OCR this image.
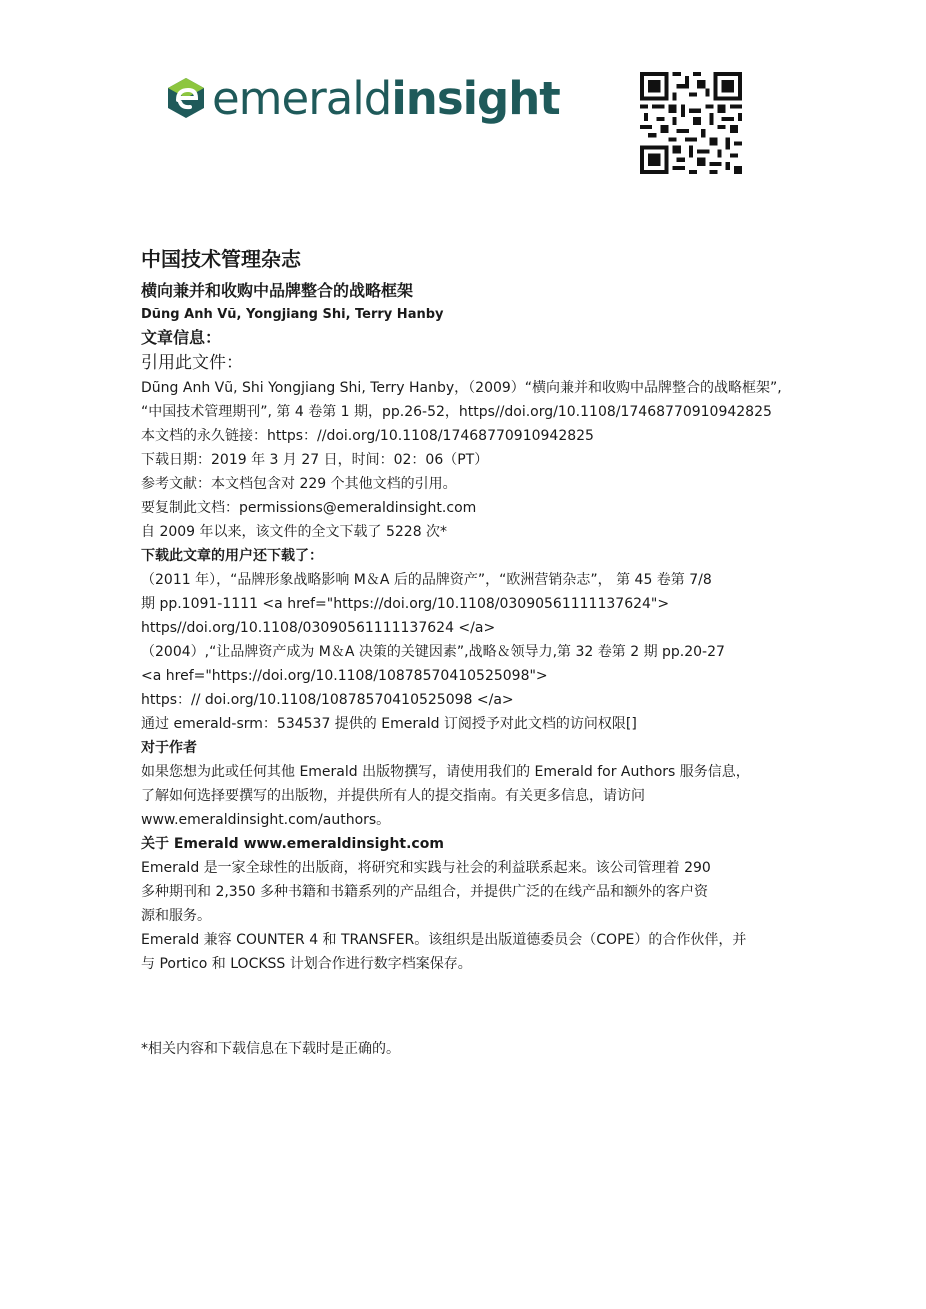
emeraldinsight
中国技术管理杂志
横向兼并和收购中品牌整合的战略框架
Dũng Anh Vũ, Yongjiang Shi, Terry Hanby
文章信息：
引用此文件：
Dũng Anh Vũ, Shi Yongjiang Shi, Terry Hanby，（2009）“横向兼并和收购中品牌整合的战略框架”,
“中国技术管理期刊”, 第 4 卷第 1 期，pp.26-52，https//doi.org/10.1108/17468770910942825
本文档的永久链接：https：//doi.org/10.1108/17468770910942825
下载日期：2019 年 3 月 27 日，时间：02：06（PT）
参考文献：本文档包含对 229 个其他文档的引用。
要复制此文档：permissions@emeraldinsight.com
自 2009 年以来，该文件的全文下载了 5228 次*
下载此文章的用户还下载了：
（2011 年），“品牌形象战略影响 M＆A 后的品牌资产”，“欧洲营销杂志”， 第 45 卷第 7/8
期 pp.1091-1111 <a href="https://doi.org/10.1108/03090561111137624">
https//doi.org/10.1108/03090561111137624 </a>
（2004）,“让品牌资产成为 M＆A 决策的关键因素”,战略＆领导力,第 32 卷第 2 期 pp.20-27
<a href="https://doi.org/10.1108/10878570410525098">
https：// doi.org/10.1108/10878570410525098 </a>
通过 emerald-srm：534537 提供的 Emerald 订阅授予对此文档的访问权限[]
对于作者
如果您想为此或任何其他 Emerald 出版物撰写，请使用我们的 Emerald for Authors 服务信息，
了解如何选择要撰写的出版物，并提供所有人的提交指南。有关更多信息，请访问
www.emeraldinsight.com/authors。
关于 Emerald www.emeraldinsight.com
Emerald 是一家全球性的出版商，将研究和实践与社会的利益联系起来。该公司管理着 290
多种期刊和 2,350 多种书籍和书籍系列的产品组合，并提供广泛的在线产品和额外的客户资
源和服务。
Emerald 兼容 COUNTER 4 和 TRANSFER。该组织是出版道德委员会（COPE）的合作伙伴，并
与 Portico 和 LOCKSS 计划合作进行数字档案保存。
*相关内容和下载信息在下载时是正确的。
